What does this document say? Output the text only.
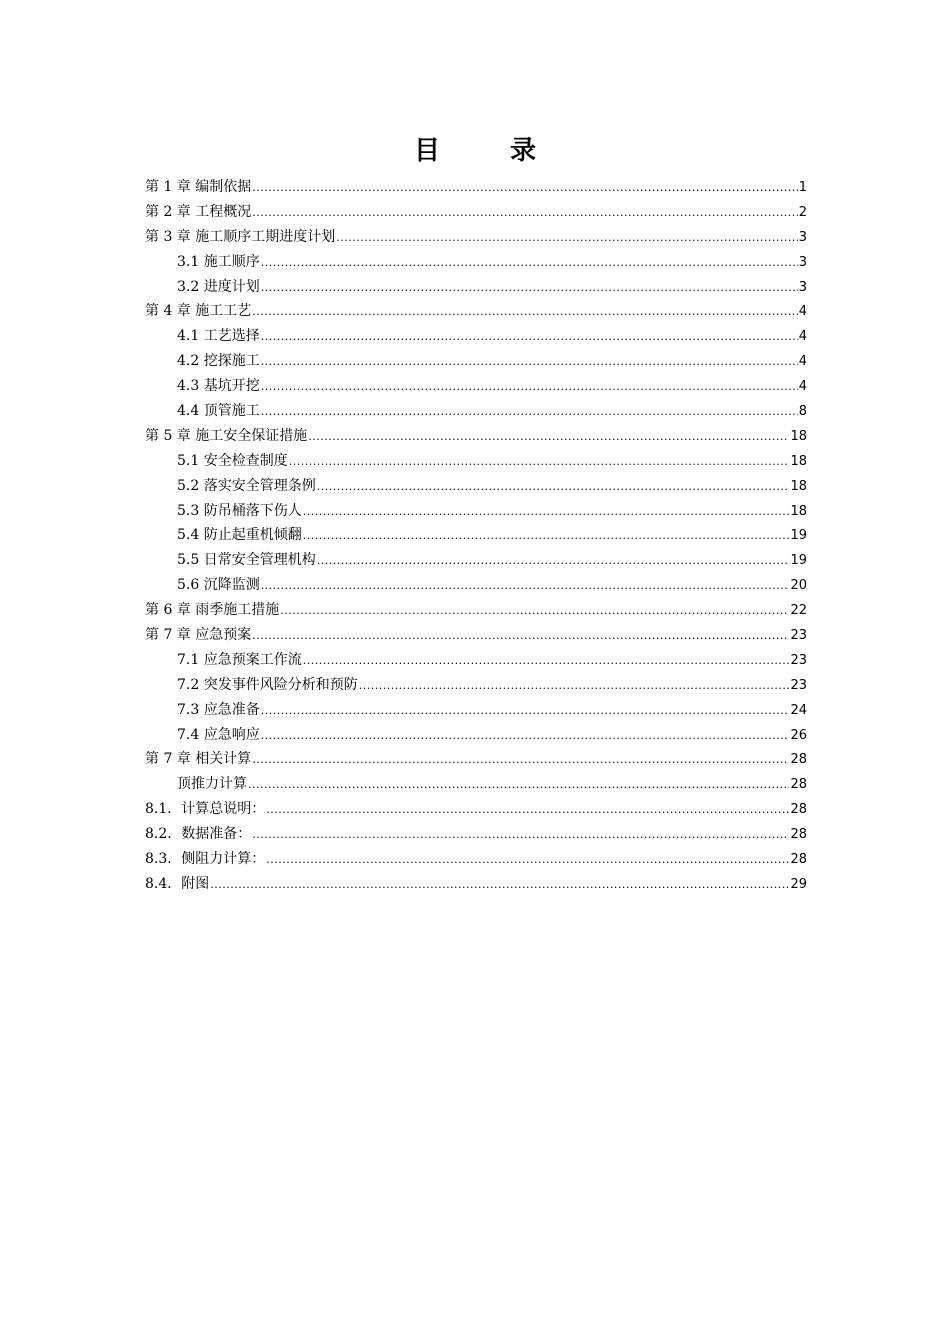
目　录
第 1 章 编制依据 .....	1
第 2 章 工程概况 .....	2
第 3 章 施工顺序工期进度计划 .....	3
3.1 施工顺序 .....	3
3.2 进度计划 .....	3
第 4 章 施工工艺 .....	4
4.1 工艺选择 .....	4
4.2 挖探施工 .....	4
4.3 基坑开挖 .....	4
4.4 顶管施工 .....	8
第 5 章 施工安全保证措施 .....	18
5.1 安全检查制度 .....	18
5.2 落实安全管理条例 .....	18
5.3 防吊桶落下伤人 .....	18
5.4 防止起重机倾翻 .....	19
5.5 日常安全管理机构 .....	19
5.6 沉降监测 .....	20
第 6 章 雨季施工措施 .....	22
第 7 章 应急预案 .....	23
7.1 应急预案工作流 .....	23
7.2 突发事件风险分析和预防 .....	23
7.3 应急准备 .....	24
7.4 应急响应 .....	26
第 7 章 相关计算 .....	28
顶推力计算 .....	28
8.1．计算总说明： .....	28
8.2．数据准备： .....	28
8.3．侧阻力计算： .....	28
8.4．附图 .....	29
